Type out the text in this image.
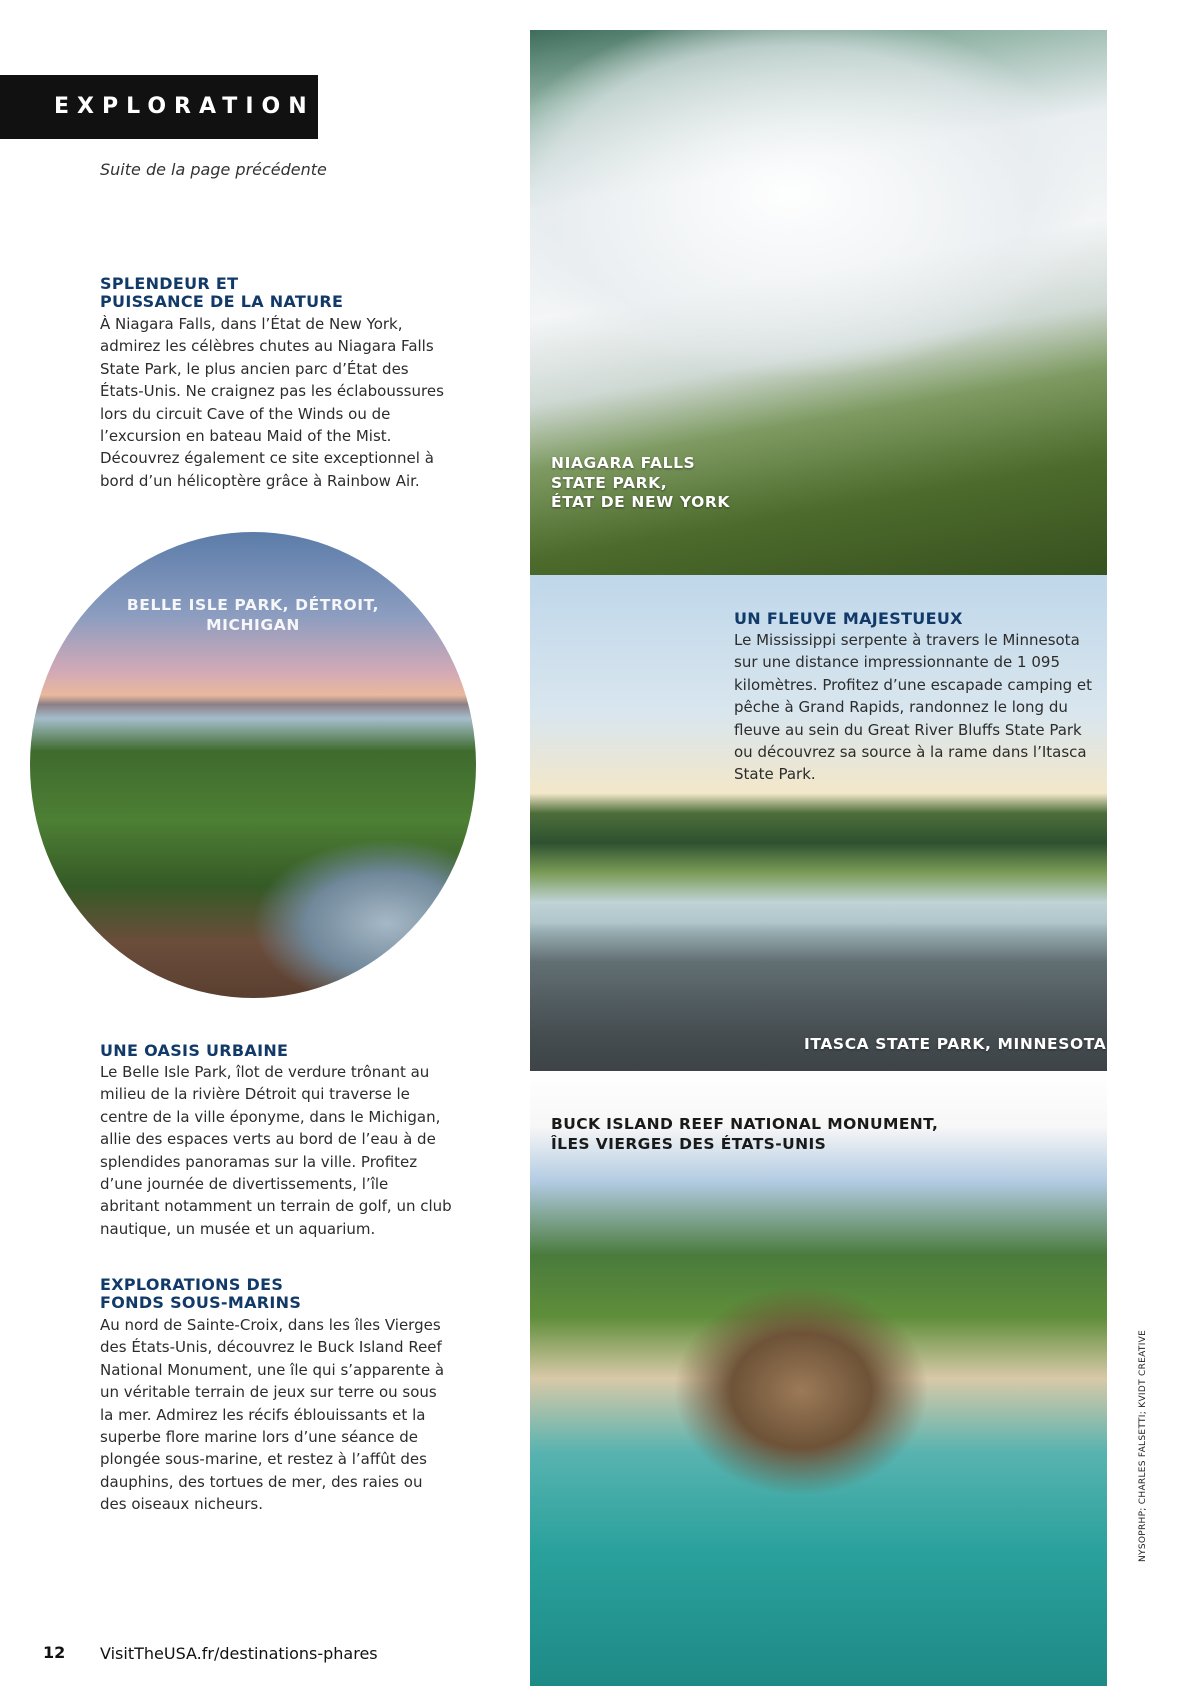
EXPLORATION
Suite de la page précédente
SPLENDEUR ET
PUISSANCE DE LA NATURE

À Niagara Falls, dans l’État de New York, admirez les célèbres chutes au Niagara Falls State Park, le plus ancien parc d’État des États-Unis. Ne craignez pas les éclaboussures lors du circuit Cave of the Winds ou de l’excursion en bateau Maid of the Mist. Découvrez également ce site exceptionnel à bord d’un hélicoptère grâce à Rainbow Air.

BELLE ISLE PARK, DÉTROIT,
MICHIGAN
UNE OASIS URBAINE

Le Belle Isle Park, îlot de verdure trônant au milieu de la rivière Détroit qui traverse le centre de la ville éponyme, dans le Michigan, allie des espaces verts au bord de l’eau à de splendides panoramas sur la ville. Profitez d’une journée de divertissements, l’île abritant notamment un terrain de golf, un club nautique, un musée et un aquarium.

EXPLORATIONS DES
FONDS SOUS-MARINS

Au nord de Sainte-Croix, dans les îles Vierges des États-Unis, découvrez le Buck Island Reef National Monument, une île qui s’apparente à un véritable terrain de jeux sur terre ou sous la mer. Admirez les récifs éblouissants et la superbe flore marine lors d’une séance de plongée sous-marine, et restez à l’affût des dauphins, des tortues de mer, des raies ou des oiseaux nicheurs.

NIAGARA FALLS
STATE PARK,
ÉTAT DE NEW YORK
UN FLEUVE MAJESTUEUX

Le Mississippi serpente à travers le Minnesota sur une distance impressionnante de 1 095 kilomètres. Profitez d’une escapade camping et pêche à Grand Rapids, randonnez le long du fleuve au sein du Great River Bluffs State Park ou découvrez sa source à la rame dans l’Itasca State Park.

ITASCA STATE PARK, MINNESOTA
BUCK ISLAND REEF NATIONAL MONUMENT,
ÎLES VIERGES DES ÉTATS-UNIS
NYSOPRHP; CHARLES FALSETTI; KVIDT CREATIVE
12 VisitTheUSA.fr/destinations-phares
